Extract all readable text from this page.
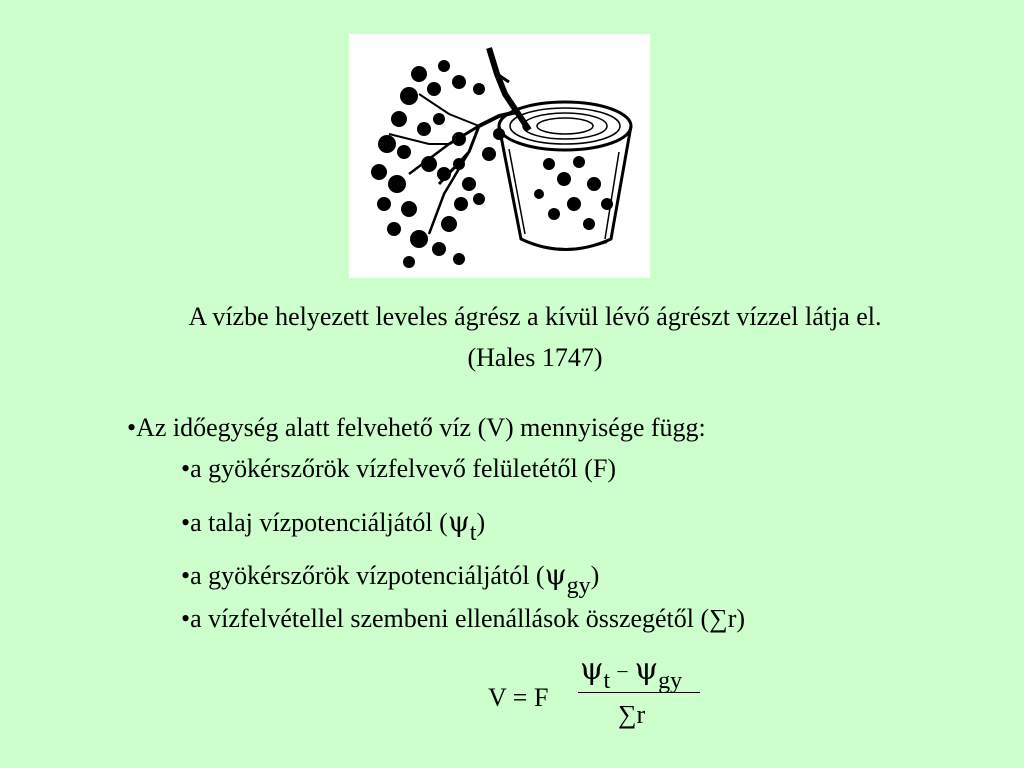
A vízbe helyezett leveles ágrész a kívül lévő ágrészt vízzel látja el.
(Hales 1747)
•Az időegység alatt felvehető víz (V) mennyisége függ:
•a gyökérszőrök vízfelvevő felületétől (F)
•a talaj vízpotenciáljától (ψt)
•a gyökérszőrök vízpotenciáljától (ψgy)
•a vízfelvétellel szembeni ellenállások összegétől (∑r)
V = F
ψt − ψgy
∑r
